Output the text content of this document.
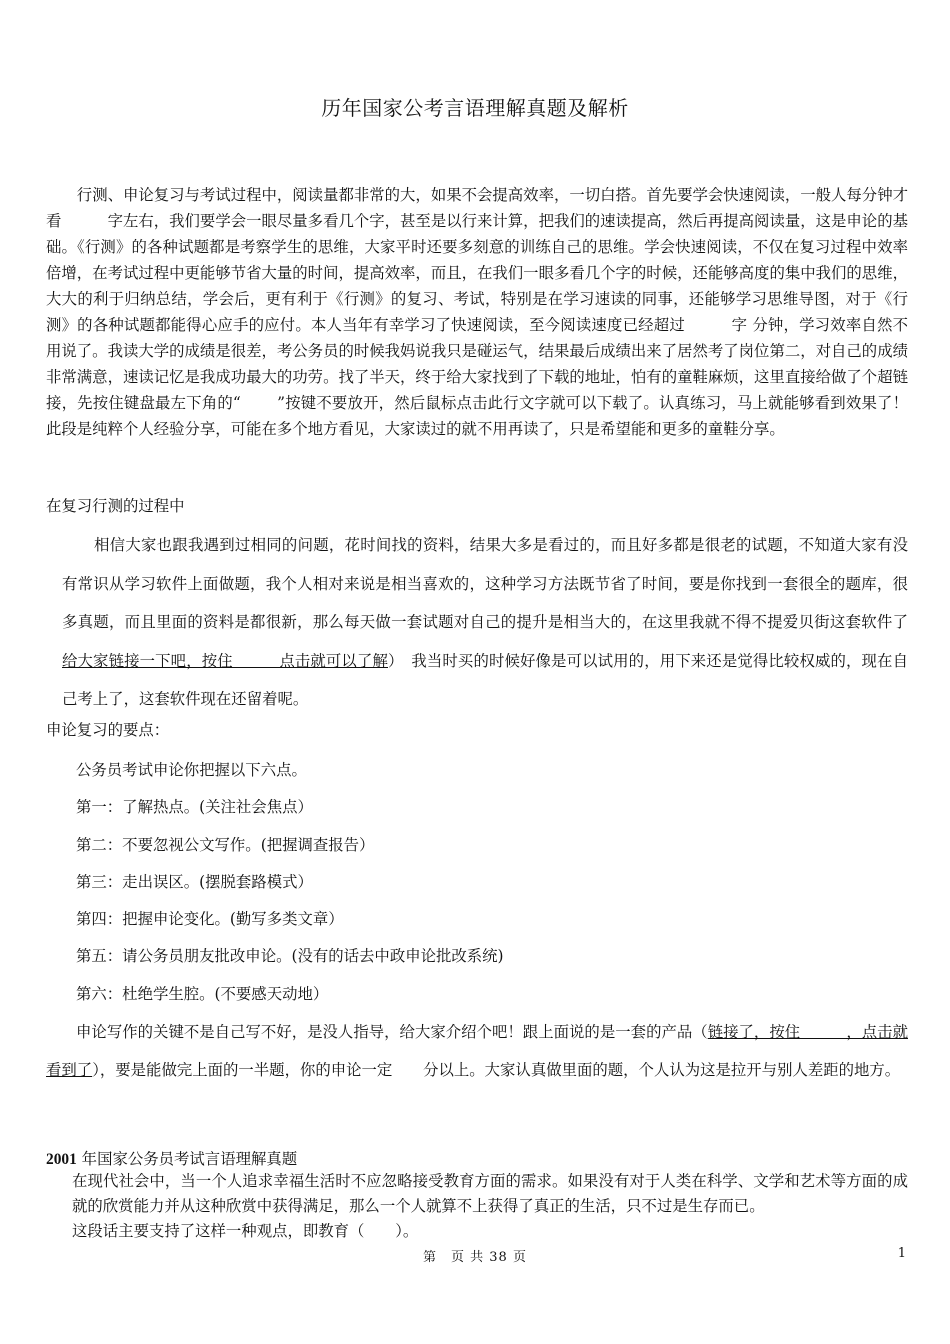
历年国家公考言语理解真题及解析
行测、申论复习与考试过程中，阅读量都非常的大，如果不会提高效率，一切白搭。首先要学会快速阅读，一般人每分钟才看　　　字左右，我们要学会一眼尽量多看几个字，甚至是以行来计算，把我们的速读提高，然后再提高阅读量，这是申论的基础。《行测》的各种试题都是考察学生的思维，大家平时还要多刻意的训练自己的思维。学会快速阅读，不仅在复习过程中效率倍增，在考试过程中更能够节省大量的时间，提高效率，而且，在我们一眼多看几个字的时候，还能够高度的集中我们的思维，大大的利于归纳总结，学会后，更有利于《行测》的复习、考试，特别是在学习速读的同事，还能够学习思维导图，对于《行测》的各种试题都能得心应手的应付。本人当年有幸学习了快速阅读，至今阅读速度已经超过　　　字 分钟，学习效率自然不用说了。我读大学的成绩是很差，考公务员的时候我妈说我只是碰运气，结果最后成绩出来了居然考了岗位第二，对自己的成绩非常满意，速读记忆是我成功最大的功劳。找了半天，终于给大家找到了下载的地址，怕有的童鞋麻烦，这里直接给做了个超链接，先按住键盘最左下角的“　　 ”按键不要放开，然后鼠标点击此行文字就可以下载了。认真练习，马上就能够看到效果了！此段是纯粹个人经验分享，可能在多个地方看见，大家读过的就不用再读了，只是希望能和更多的童鞋分享。
在复习行测的过程中
相信大家也跟我遇到过相同的问题，花时间找的资料，结果大多是看过的，而且好多都是很老的试题，不知道大家有没有常识从学习软件上面做题，我个人相对来说是相当喜欢的，这种学习方法既节省了时间，要是你找到一套很全的题库，很多真题，而且里面的资料是都很新，那么每天做一套试题对自己的提升是相当大的，在这里我就不得不提爱贝街这套软件了 给大家链接一下吧，按住　　　点击就可以了解）　我当时买的时候好像是可以试用的，用下来还是觉得比较权威的，现在自己考上了，这套软件现在还留着呢。
申论复习的要点：
公务员考试申论你把握以下六点。
第一：了解热点。(关注社会焦点）
第二：不要忽视公文写作。(把握调查报告）
第三：走出误区。(摆脱套路模式）
第四：把握申论变化。(勤写多类文章）
第五：请公务员朋友批改申论。(没有的话去中政申论批改系统)
第六：杜绝学生腔。(不要感天动地）
申论写作的关键不是自己写不好，是没人指导，给大家介绍个吧！跟上面说的是一套的产品（链接了，按住　　　，点击就看到了），要是能做完上面的一半题，你的申论一定　　分以上。大家认真做里面的题，个人认为这是拉开与别人差距的地方。
2001 年国家公务员考试言语理解真题
在现代社会中，当一个人追求幸福生活时不应忽略接受教育方面的需求。如果没有对于人类在科学、文学和艺术等方面的成就的欣赏能力并从这种欣赏中获得满足，那么一个人就算不上获得了真正的生活，只不过是生存而已。
这段话主要支持了这样一种观点，即教育（　　）。
第　页 共 38 页	1
